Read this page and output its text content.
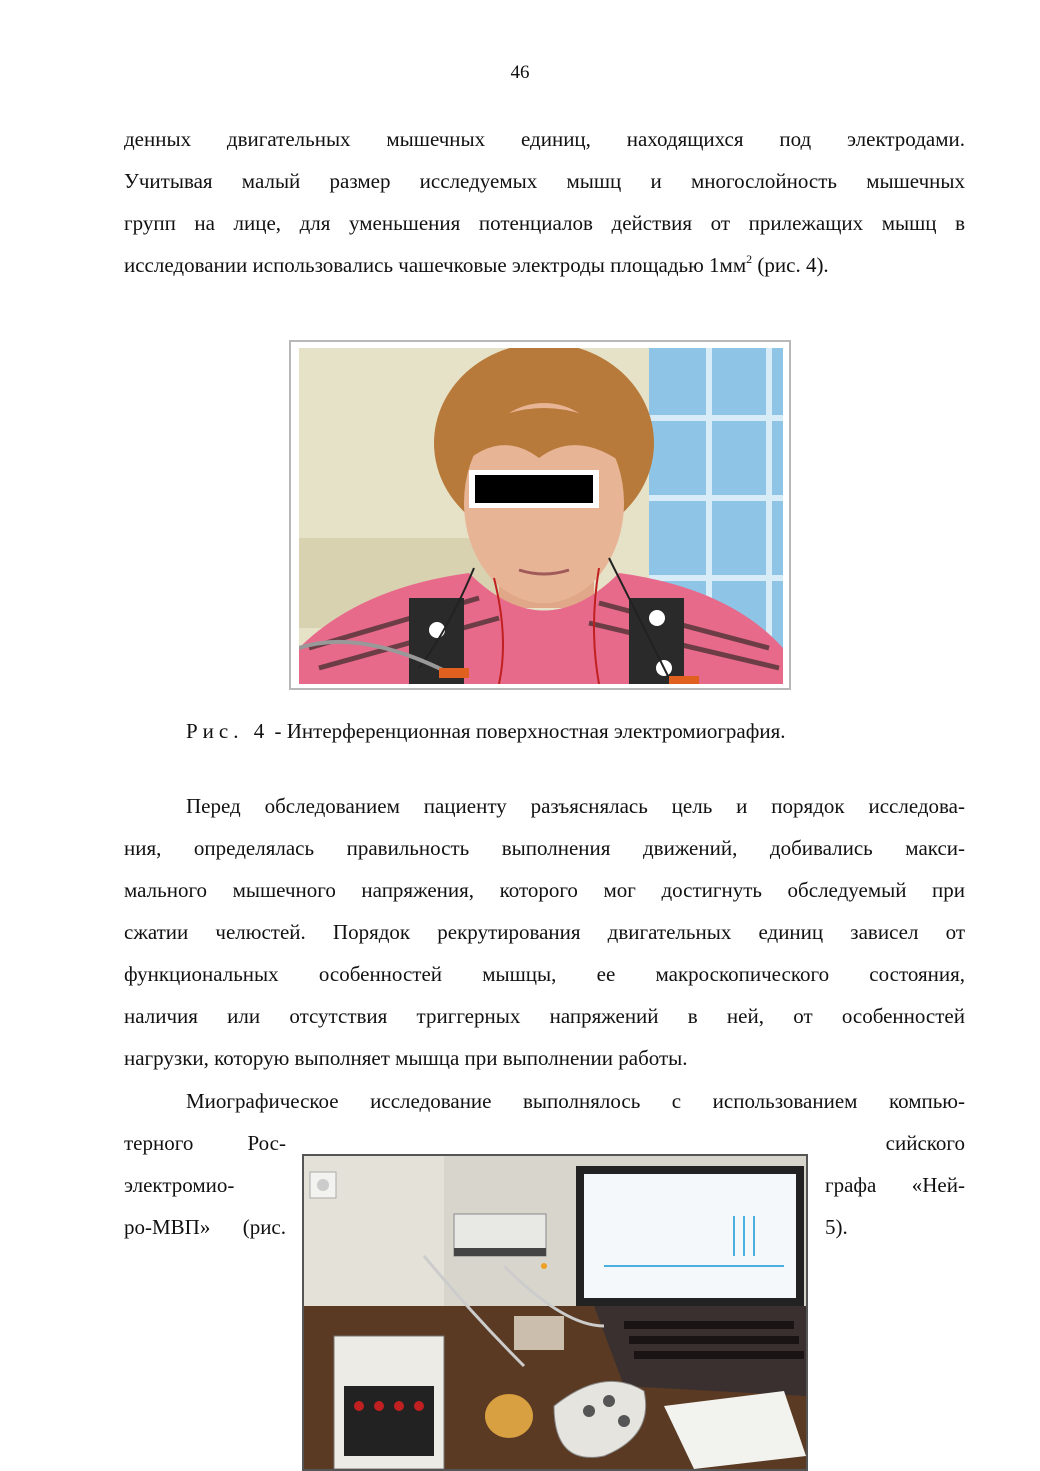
46
денных двигательных мышечных единиц, находящихся под электродами.
Учитывая малый размер исследуемых мышц и многослойность мышечных
групп на лице, для уменьшения потенциалов действия от прилежащих мышц в
исследовании использовались чашечковые электроды площадью $1мм^2$ (рис. 4).
Рис. 4 - Интерференционная поверхностная электромиография.
Перед обследованием пациенту разъяснялась цель и порядок исследова-
ния, определялась правильность выполнения движений, добивались макси-
мального мышечного напряжения, которого мог достигнуть обследуемый при
сжатии челюстей. Порядок рекрутирования двигательных единиц зависел от
функциональных особенностей мышцы, ее макроскопического состояния,
наличия или отсутствия триггерных напряжений в ней, от особенностей
нагрузки, которую выполняет мышца при выполнении работы.
Миографическое исследование выполнялось с использованием компью-
терного Рос-
электромио-
ро-МВП» (рис.
сийского
графа «Ней-
5).
